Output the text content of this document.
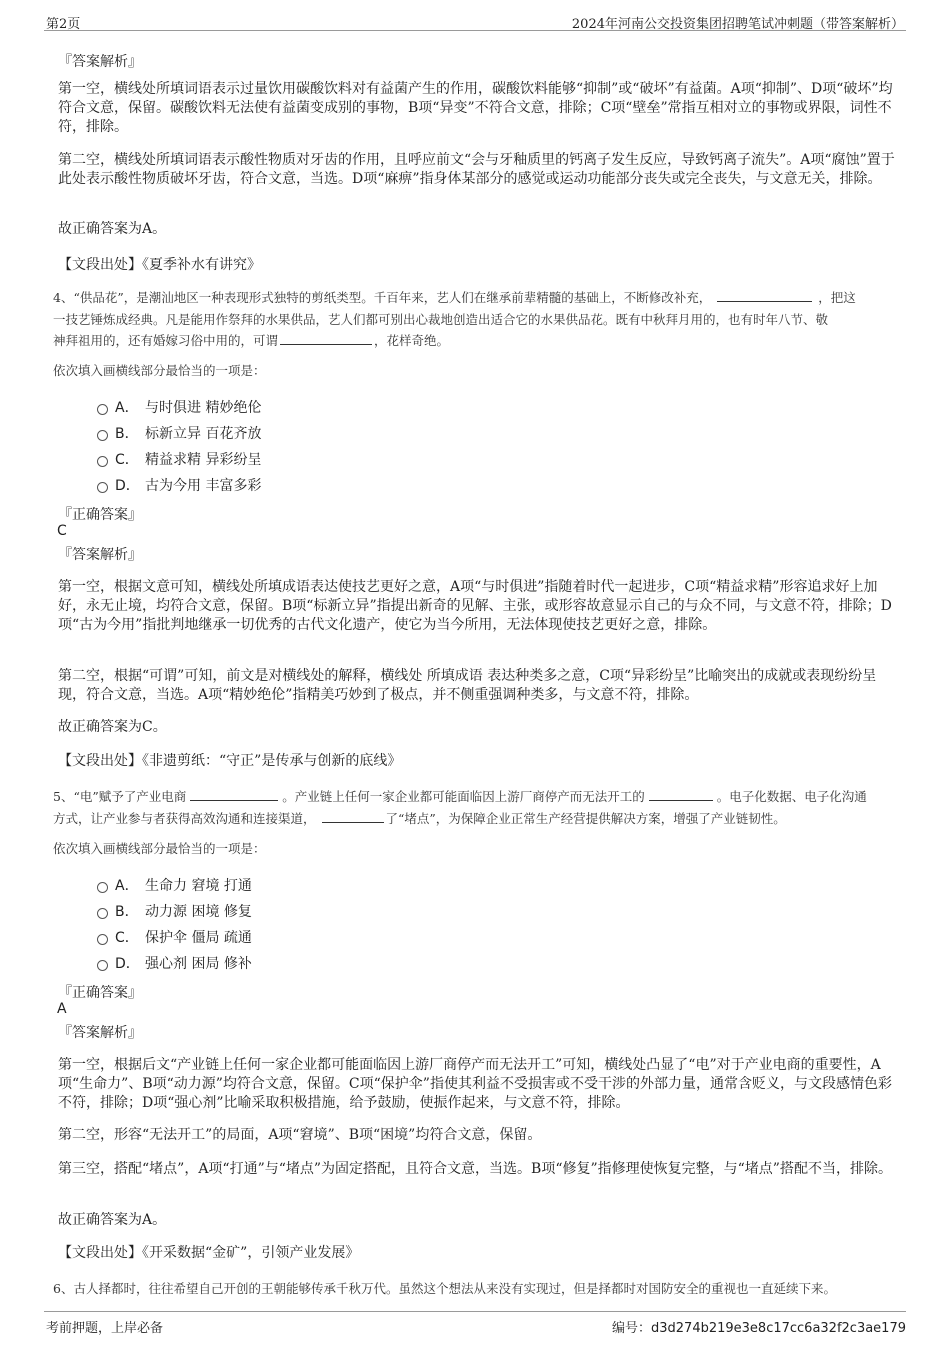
第2页	2024年河南公交投资集团招聘笔试冲刺题（带答案解析）
『答案解析』
第一空，横线处所填词语表示过量饮用碳酸饮料对有益菌产生的作用，碳酸饮料能够“抑制”或“破坏”有益菌。A项“抑制”、D项“破坏”均符合文意，保留。碳酸饮料无法使有益菌变成别的事物，B项“异变”不符合文意，排除；C项“壁垒”常指互相对立的事物或界限，词性不符，排除。
第二空，横线处所填词语表示酸性物质对牙齿的作用，且呼应前文“会与牙釉质里的钙离子发生反应，导致钙离子流失”。A项“腐蚀”置于此处表示酸性物质破坏牙齿，符合文意，当选。D项“麻痹”指身体某部分的感觉或运动功能部分丧失或完全丧失，与文意无关，排除。
故正确答案为A。
【文段出处】《夏季补水有讲究》
4、“供品花”，是潮汕地区一种表现形式独特的剪纸类型。千百年来，艺人们在继承前辈精髓的基础上，不断修改补充，	，把这
一技艺锤炼成经典。凡是能用作祭拜的水果供品，艺人们都可别出心裁地创造出适合它的水果供品花。既有中秋拜月用的，也有时年八节、敬
神拜祖用的，还有婚嫁习俗中用的，可谓	，花样奇绝。
依次填入画横线部分最恰当的一项是：
A． 与时俱进 精妙绝伦
B． 标新立异 百花齐放
C． 精益求精 异彩纷呈
D． 古为今用 丰富多彩
『正确答案』
C
『答案解析』
第一空，根据文意可知，横线处所填成语表达使技艺更好之意，A项“与时俱进”指随着时代一起进步，C项“精益求精”形容追求好上加好，永无止境，均符合文意，保留。B项“标新立异”指提出新奇的见解、主张，或形容故意显示自己的与众不同，与文意不符，排除；D项“古为今用”指批判地继承一切优秀的古代文化遗产，使它为当今所用，无法体现使技艺更好之意，排除。
第二空，根据“可谓”可知，前文是对横线处的解释，横线处 所填成语 表达种类多之意，C项“异彩纷呈”比喻突出的成就或表现纷纷呈现，符合文意，当选。A项“精妙绝伦”指精美巧妙到了极点，并不侧重强调种类多，与文意不符，排除。
故正确答案为C。
【文段出处】《非遗剪纸：“守正”是传承与创新的底线》
5、“电”赋予了产业电商	。产业链上任何一家企业都可能面临因上游厂商停产而无法开工的	。电子化数据、电子化沟通
方式，让产业参与者获得高效沟通和连接渠道，	了“堵点”，为保障企业正常生产经营提供解决方案，增强了产业链韧性。
依次填入画横线部分最恰当的一项是：
A． 生命力 窘境 打通
B． 动力源 困境 修复
C． 保护伞 僵局 疏通
D． 强心剂 困局 修补
『正确答案』
A
『答案解析』
第一空，根据后文“产业链上任何一家企业都可能面临因上游厂商停产而无法开工”可知，横线处凸显了“电”对于产业电商的重要性，A项“生命力”、B项“动力源”均符合文意，保留。C项“保护伞”指使其利益不受损害或不受干涉的外部力量，通常含贬义，与文段感情色彩不符，排除；D项“强心剂”比喻采取积极措施，给予鼓励，使振作起来，与文意不符，排除。
第二空，形容“无法开工”的局面，A项“窘境”、B项“困境”均符合文意，保留。
第三空，搭配“堵点”，A项“打通”与“堵点”为固定搭配，且符合文意，当选。B项“修复”指修理使恢复完整，与“堵点”搭配不当，排除。
故正确答案为A。
【文段出处】《开采数据“金矿”，引领产业发展》
6、古人择都时，往往希望自己开创的王朝能够传承千秋万代。虽然这个想法从来没有实现过，但是择都时对国防安全的重视也一直延续下来。
考前押题，上岸必备	编号：d3d274b219e3e8c17cc6a32f2c3ae179
